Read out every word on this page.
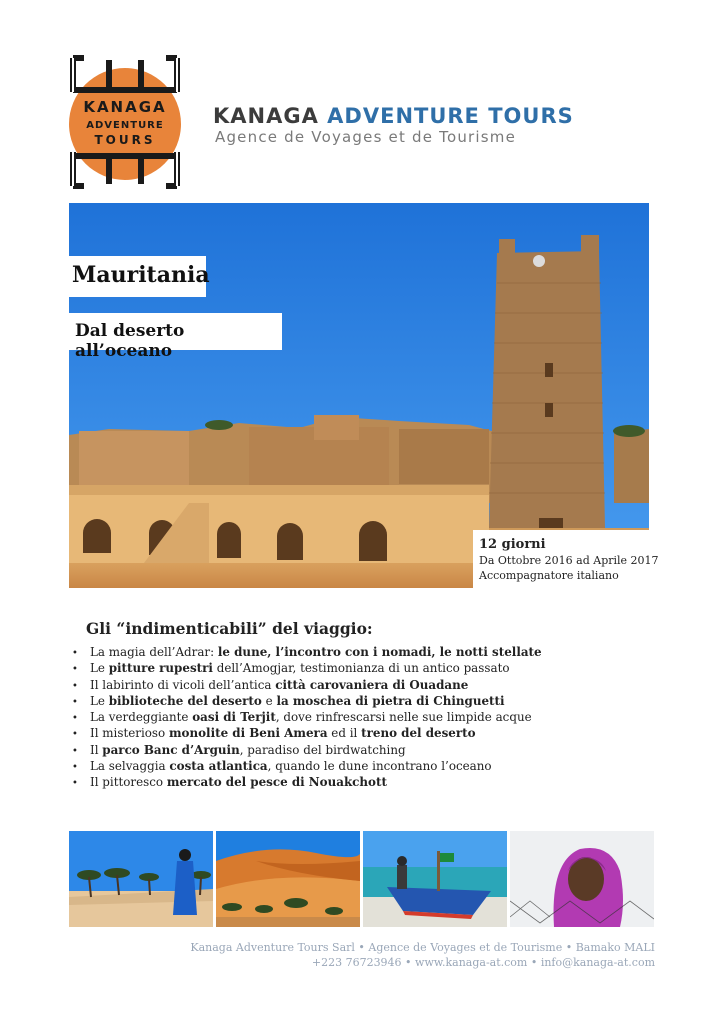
KANAGA
ADVENTURE
TOURS
KANAGA ADVENTURE TOURS
Agence de Voyages et de Tourisme
Mauritania
Dal deserto all’oceano
12 giorni
Da Ottobre 2016 ad Aprile 2017
Accompagnatore italiano
Gli “indimenticabili” del viaggio:
• La magia dell’Adrar: le dune, l’incontro con i nomadi, le notti stellate
• Le pitture rupestri dell’Amogjar, testimonianza di un antico passato
• Il labirinto di vicoli dell’antica città carovaniera di Ouadane
• Le biblioteche del deserto e la moschea di pietra di Chinguetti
• La verdeggiante oasi di Terjit, dove rinfrescarsi nelle sue limpide acque
• Il misterioso monolite di Beni Amera ed il treno del deserto
• Il parco Banc d’Arguin, paradiso del birdwatching
• La selvaggia costa atlantica, quando le dune incontrano l’oceano
• Il pittoresco mercato del pesce di Nouakchott
Kanaga Adventure Tours Sarl • Agence de Voyages et de Tourisme • Bamako MALI
+223 76723946 • www.kanaga-at.com • info@kanaga-at.com
